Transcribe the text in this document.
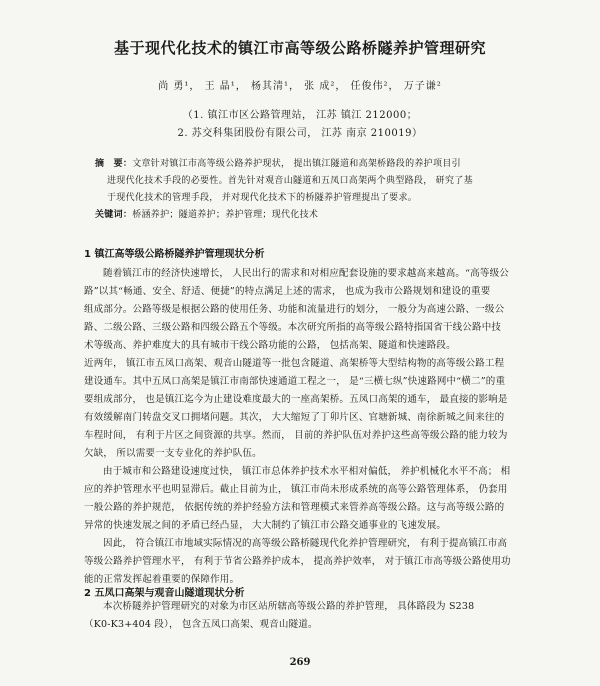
基于现代化技术的镇江市高等级公路桥隧养护管理研究
尚 勇¹， 王 晶¹， 杨其清¹， 张 成²， 任俊伟²， 万子谦²
（1. 镇江市区公路管理站， 江苏 镇江 212000；
2. 苏交科集团股份有限公司， 江苏 南京 210019）

摘　要：文章针对镇江市高等级公路养护现状， 提出镇江隧道和高架桥路段的养护项目引

进现代化技术手段的必要性。首先针对观音山隧道和五凤口高架两个典型路段， 研究了基

于现代化技术的管理手段， 并对现代化技术下的桥隧养护管理提出了要求。

关键词：桥涵养护；隧道养护；养护管理；现代化技术

1 镇江高等级公路桥隧养护管理现状分析

随着镇江市的经济快速增长， 人民出行的需求和对相应配套设施的要求越高来越高。“高等级公

路”以其“畅通、安全、舒适、便捷”的特点满足上述的需求， 也成为我市公路规划和建设的重要

组成部分。公路等级是根据公路的使用任务、功能和流量进行的划分， 一般分为高速公路、一级公

路、二级公路、三级公路和四级公路五个等级。本次研究所指的高等级公路特指国省干线公路中技

术等级高、养护难度大的具有城市干线公路功能的公路， 包括高架、隧道和快速路段。

近两年， 镇江市五凤口高架、观音山隧道等一批包含隧道、高架桥等大型结构物的高等级公路工程

建设通车。其中五凤口高架是镇江市南部快速通道工程之一， 是“三横七纵”快速路网中“横二”的重

要组成部分， 也是镇江迄今为止建设难度最大的一座高架桥。五凤口高架的通车， 最直接的影响是

有效缓解南门转盘交叉口拥堵问题。其次， 大大缩短了丁卯片区、官塘新城、南徐新城之间来往的

车程时间， 有利于片区之间资源的共享。然而， 目前的养护队伍对养护这些高等级公路的能力较为

欠缺， 所以需要一支专业化的养护队伍。

由于城市和公路建设速度过快， 镇江市总体养护技术水平相对偏低， 养护机械化水平不高； 相

应的养护管理水平也明显滞后。截止目前为止， 镇江市尚未形成系统的高等公路管理体系， 仍套用

一般公路的养护规范， 依据传统的养护经验方法和管理模式来管养高等级公路。这与高等级公路的

异常的快速发展之间的矛盾已经凸显， 大大制约了镇江市公路交通事业的飞速发展。

因此， 符合镇江市地域实际情况的高等级公路桥隧现代化养护管理研究， 有利于提高镇江市高

等级公路养护管理水平， 有利于节省公路养护成本， 提高养护效率， 对于镇江市高等级公路使用功

能的正常发挥起着重要的保障作用。

2 五凤口高架与观音山隧道现状分析

本次桥隧养护管理研究的对象为市区站所辖高等级公路的养护管理， 具体路段为 S238

（K0-K3+404 段）， 包含五凤口高架、观音山隧道。

269
